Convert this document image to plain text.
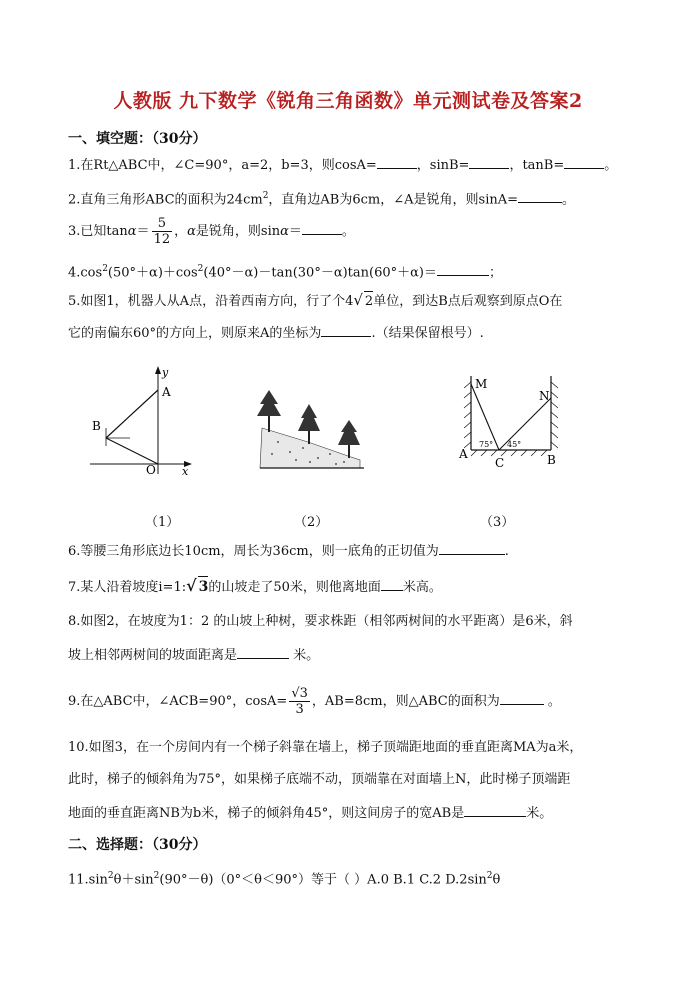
人教版 九下数学《锐角三角函数》单元测试卷及答案2
一、填空题：（30分）
1.在Rt△ABC中，∠C=90°，a=2，b=3，则cosA=	，sinB=	，tanB=	。
2.直角三角形ABC的面积为$24cm^2$，直角边AB为6cm，∠A是锐角，则sinA=	。
3.已知$\tan\alpha= \frac{5}{12}$ ，α是锐角，则sinα＝	。
$4.\cos^2(50^\circ+\alpha)+\cos^2(40^\circ-\alpha)-\tan(30^\circ-\alpha)\tan(60^\circ+\alpha)=$	；
5.如图1，机器人从A点，沿着西南方向，行了个4√ 2单位，到达B点后观察到原点O在
它的南偏东60°的方向上，则原来A的坐标为	.（结果保留根号）.
y
A
B
O x
M
N
A
C	B
75° 45°
（1）	（2）	（3）
6.等腰三角形底边长10cm，周长为36cm，则一底角的正切值为	.
7.某人沿着坡度i=1:√ 3的山坡走了50米，则他离地面 米高。
8.如图2，在坡度为1：2 的山坡上种树，要求株距（相邻两树间的水平距离）是6米，斜
坡上相邻两树间的坡面距离是	米。
9.在△ABC中，∠ACB=90°，$\cos A= \frac{√3}{3}$ ，AB=8cm，则△ABC的面积为	。
10.如图3，在一个房间内有一个梯子斜靠在墙上，梯子顶端距地面的垂直距离MA为a米，
此时，梯子的倾斜角为75°，如果梯子底端不动，顶端靠在对面墙上N，此时梯子顶端距
地面的垂直距离NB为b米，梯子的倾斜角45°，则这间房子的宽AB是	米。
二、选择题：（30分）
$11.\sin^2\theta+\sin^2(90^\circ-\theta)(0^\circ<\theta<90^\circ)$等于（ ）A.0 B.1 C.2 $D.2\sin^2\theta$
